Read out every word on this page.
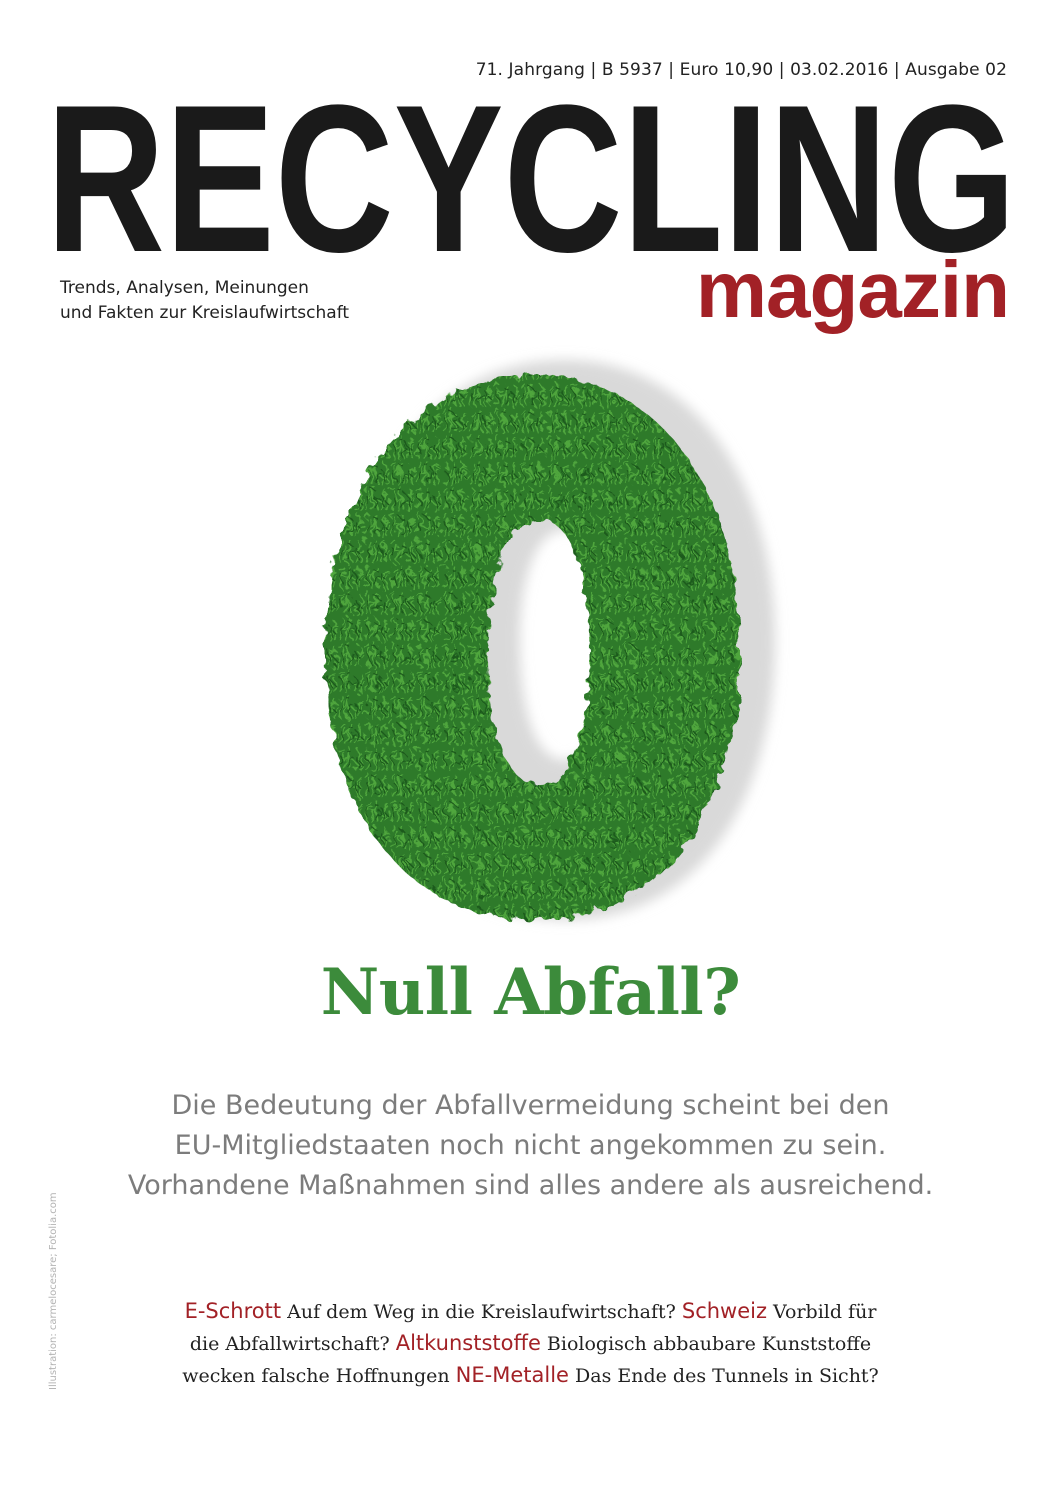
71. Jahrgang | B 5937 | Euro 10,90 | 03.02.2016 | Ausgabe 02
RECYCLING
Trends, Analysen, Meinungen
und Fakten zur Kreislaufwirtschaft	magazin
Null Abfall?

Die Bedeutung der Abfallvermeidung scheint bei den
EU-Mitgliedstaaten noch nicht angekommen zu sein.
Vorhandene Maßnahmen sind alles andere als ausreichend.

Illustration: carmelocesare; Fotolia.com	E-Schrott Auf dem Weg in die Kreislaufwirtschaft? Schweiz Vorbild für
die Abfallwirtschaft? Altkunststoffe Biologisch abbaubare Kunststoffe
wecken falsche Hoffnungen NE-Metalle Das Ende des Tunnels in Sicht?
